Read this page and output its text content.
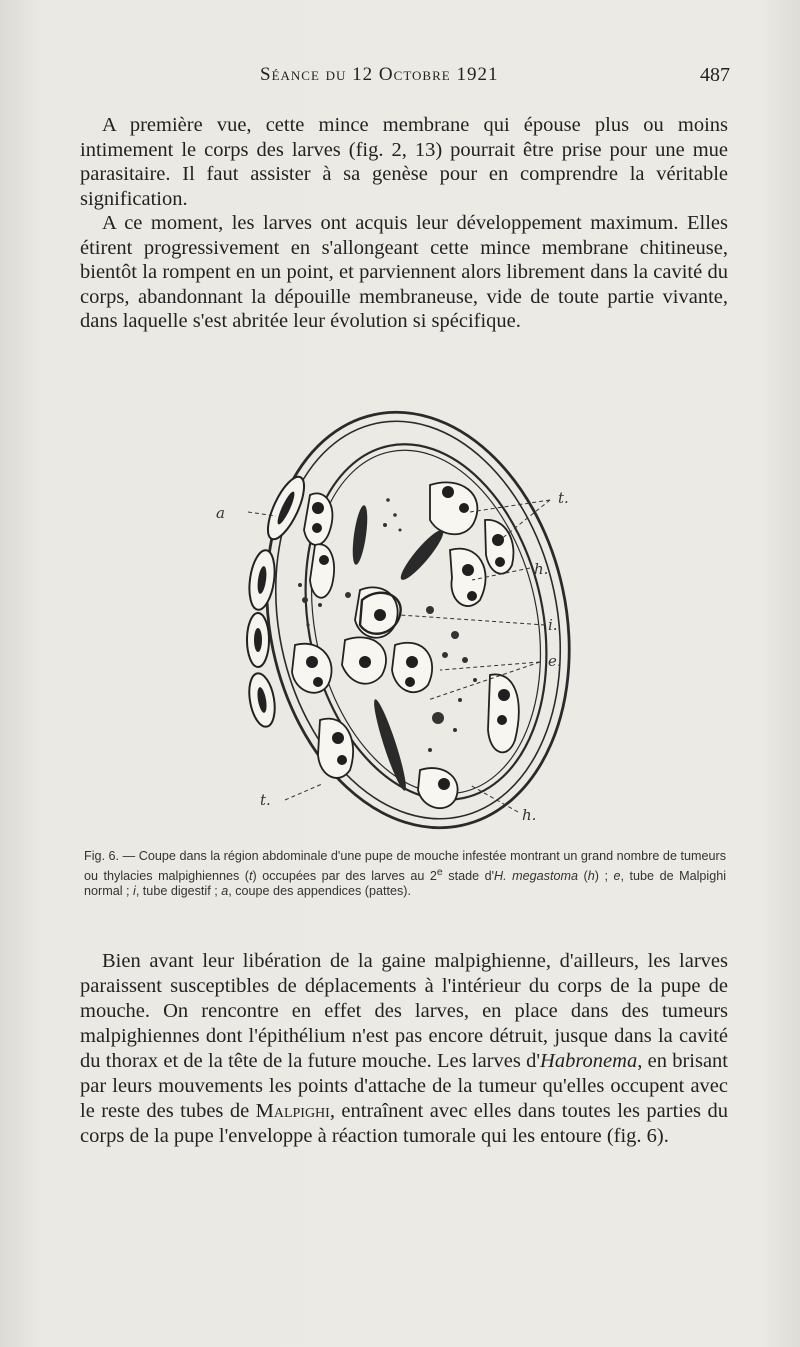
Séance du 12 Octobre 1921	487

A première vue, cette mince membrane qui épouse plus ou moins intimement le corps des larves (fig. 2, 13) pourrait être prise pour une mue parasitaire. Il faut assister à sa genèse pour en comprendre la véritable signification.

A ce moment, les larves ont acquis leur développement maximum. Elles étirent progressivement en s'allongeant cette mince membrane chitineuse, bientôt la rompent en un point, et parviennent alors librement dans la cavité du corps, abandonnant la dépouille membraneuse, vide de toute partie vivante, dans laquelle s'est abritée leur évolution si spécifique.

a
t.
h.
i.
e.
t.
h.

Fig. 6. — Coupe dans la région abdominale d'une pupe de mouche infestée montrant un grand nombre de tumeurs ou thylacies malpighiennes (t) occupées par des larves au 2e stade d'H. megastoma (h) ; e, tube de Malpighi normal ; i, tube digestif ; a, coupe des appendices (pattes).

Bien avant leur libération de la gaine malpighienne, d'ailleurs, les larves paraissent susceptibles de déplacements à l'intérieur du corps de la pupe de mouche. On rencontre en effet des larves, en place dans des tumeurs malpighiennes dont l'épithélium n'est pas encore détruit, jusque dans la cavité du thorax et de la tête de la future mouche. Les larves d'Habronema, en brisant par leurs mouvements les points d'attache de la tumeur qu'elles occupent avec le reste des tubes de Malpighi, entraînent avec elles dans toutes les parties du corps de la pupe l'enveloppe à réaction tumorale qui les entoure (fig. 6).
